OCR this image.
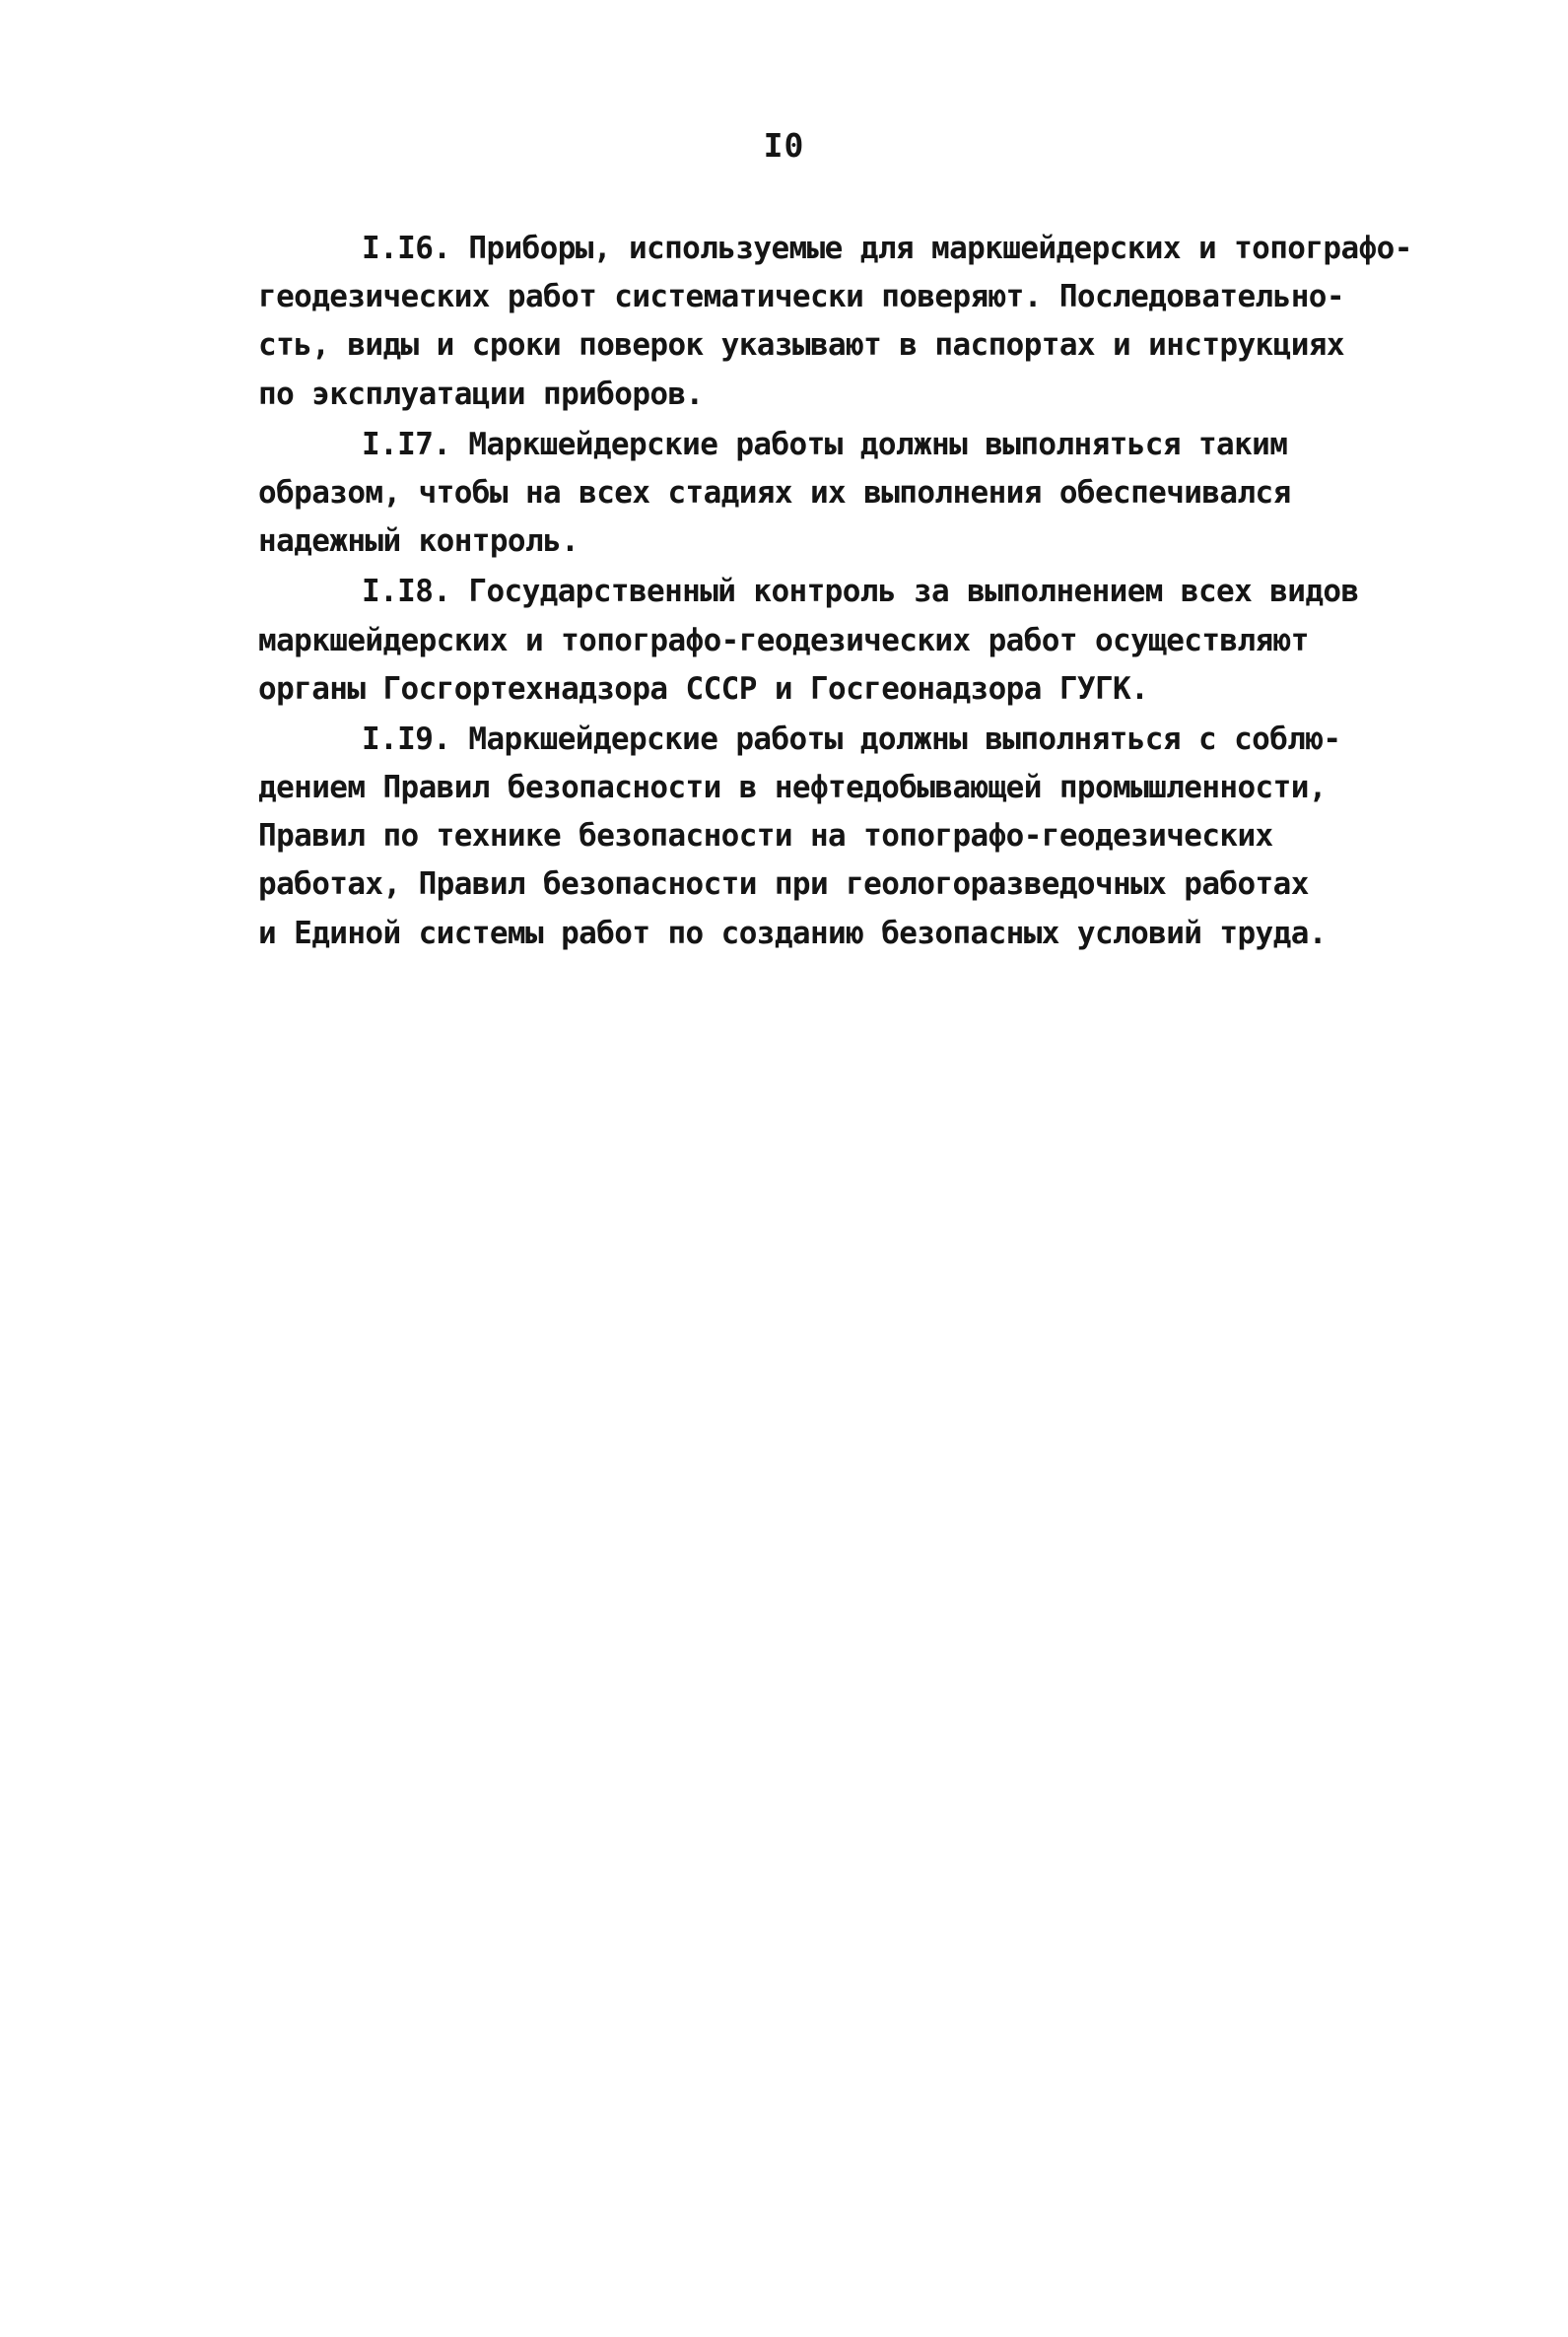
I0
I.I6. Приборы, используемые для маркшейдерских и топографо-
геодезических работ систематически поверяют. Последовательно-
сть, виды и сроки поверок указывают в паспортах и инструкциях
по эксплуатации приборов.
I.I7. Маркшейдерские работы должны выполняться таким
образом, чтобы на всех стадиях их выполнения обеспечивался
надежный контроль.
I.I8. Государственный контроль за выполнением всех видов
маркшейдерских и топографо-геодезических работ осуществляют
органы Госгортехнадзора СССР и Госгеонадзора ГУГК.
I.I9. Маркшейдерские работы должны выполняться с соблю-
дением Правил безопасности в нефтедобывающей промышленности,
Правил по технике безопасности на топографо-геодезических
работах, Правил безопасности при геологоразведочных работах
и Единой системы работ по созданию безопасных условий труда.
